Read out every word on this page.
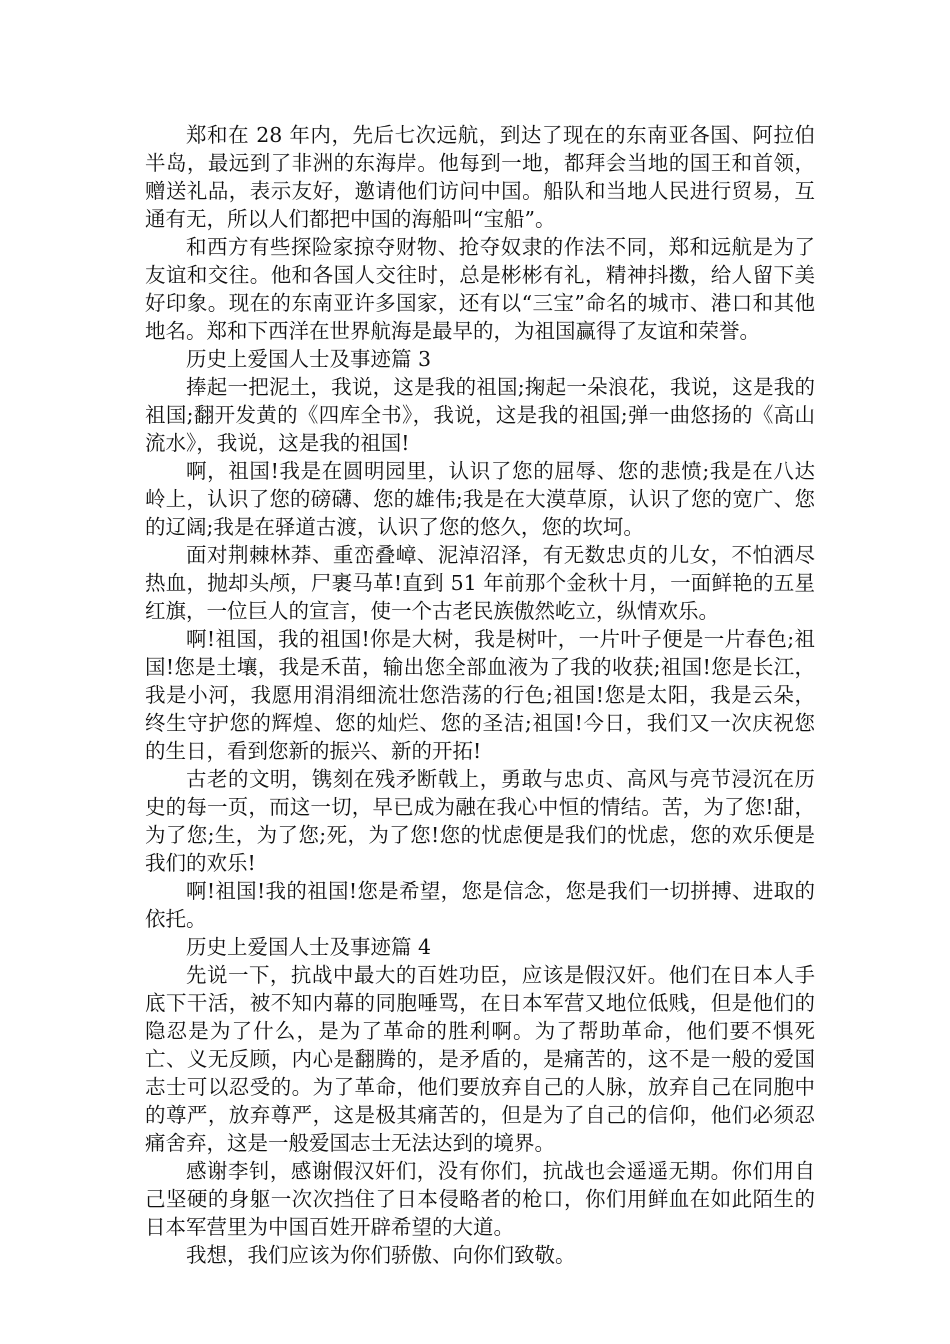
郑和在 28 年内，先后七次远航，到达了现在的东南亚各国、阿拉伯半岛，最远到了非洲的东海岸。他每到一地，都拜会当地的国王和首领，赠送礼品，表示友好，邀请他们访问中国。船队和当地人民进行贸易，互通有无，所以人们都把中国的海船叫“宝船”。

和西方有些探险家掠夺财物、抢夺奴隶的作法不同，郑和远航是为了友谊和交往。他和各国人交往时，总是彬彬有礼，精神抖擞，给人留下美好印象。现在的东南亚许多国家，还有以“三宝”命名的城市、港口和其他地名。郑和下西洋在世界航海是最早的，为祖国赢得了友谊和荣誉。

历史上爱国人士及事迹篇 3

捧起一把泥土，我说，这是我的祖国;掬起一朵浪花，我说，这是我的祖国;翻开发黄的《四库全书》，我说，这是我的祖国;弹一曲悠扬的《高山流水》，我说，这是我的祖国!

啊，祖国!我是在圆明园里，认识了您的屈辱、您的悲愤;我是在八达岭上，认识了您的磅礴、您的雄伟;我是在大漠草原，认识了您的宽广、您的辽阔;我是在驿道古渡，认识了您的悠久，您的坎坷。

面对荆棘林莽、重峦叠嶂、泥淖沼泽，有无数忠贞的儿女，不怕洒尽热血，抛却头颅，尸裹马革!直到 51 年前那个金秋十月，一面鲜艳的五星红旗，一位巨人的宣言，使一个古老民族傲然屹立，纵情欢乐。

啊!祖国，我的祖国!你是大树，我是树叶，一片叶子便是一片春色;祖国!您是土壤，我是禾苗，输出您全部血液为了我的收获;祖国!您是长江，我是小河，我愿用涓涓细流壮您浩荡的行色;祖国!您是太阳，我是云朵，终生守护您的辉煌、您的灿烂、您的圣洁;祖国!今日，我们又一次庆祝您的生日，看到您新的振兴、新的开拓!

古老的文明，镌刻在残矛断戟上，勇敢与忠贞、高风与亮节浸沉在历史的每一页，而这一切，早已成为融在我心中恒的情结。苦，为了您!甜，为了您;生，为了您;死，为了您!您的忧虑便是我们的忧虑，您的欢乐便是我们的欢乐!

啊!祖国!我的祖国!您是希望，您是信念，您是我们一切拼搏、进取的依托。

历史上爱国人士及事迹篇 4

先说一下，抗战中最大的百姓功臣，应该是假汉奸。他们在日本人手底下干活，被不知内幕的同胞唾骂，在日本军营又地位低贱，但是他们的隐忍是为了什么，是为了革命的胜利啊。为了帮助革命，他们要不惧死亡、义无反顾，内心是翻腾的，是矛盾的，是痛苦的，这不是一般的爱国志士可以忍受的。为了革命，他们要放弃自己的人脉，放弃自己在同胞中的尊严，放弃尊严，这是极其痛苦的，但是为了自己的信仰，他们必须忍痛舍弃，这是一般爱国志士无法达到的境界。

感谢李钊，感谢假汉奸们，没有你们，抗战也会遥遥无期。你们用自己坚硬的身躯一次次挡住了日本侵略者的枪口，你们用鲜血在如此陌生的日本军营里为中国百姓开辟希望的大道。

我想，我们应该为你们骄傲、向你们致敬。
